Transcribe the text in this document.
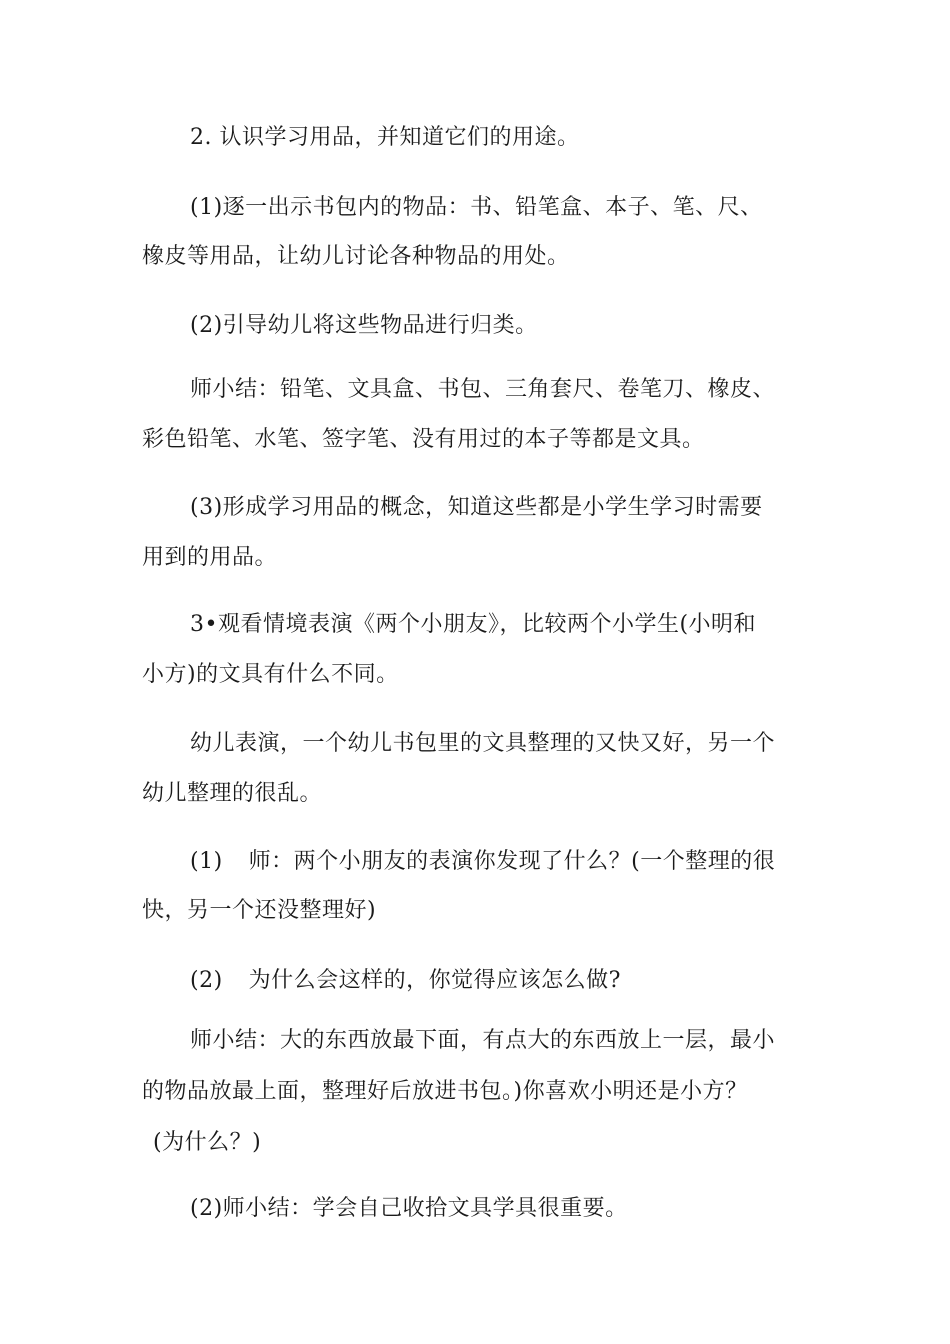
2. 认识学习用品，并知道它们的用途。
(1)逐一出示书包内的物品：书、铅笔盒、本子、笔、尺、
橡皮等用品，让幼儿讨论各种物品的用处。
(2)引导幼儿将这些物品进行归类。
师小结：铅笔、文具盒、书包、三角套尺、卷笔刀、橡皮、
彩色铅笔、水笔、签字笔、没有用过的本子等都是文具。
(3)形成学习用品的概念，知道这些都是小学生学习时需要
用到的用品。
3•观看情境表演《两个小朋友》，比较两个小学生(小明和
小方)的文具有什么不同。
幼儿表演，一个幼儿书包里的文具整理的又快又好，另一个
幼儿整理的很乱。
(1) 师：两个小朋友的表演你发现了什么？(一个整理的很
快，另一个还没整理好)
(2) 为什么会这样的，你觉得应该怎么做?
师小结：大的东西放最下面，有点大的东西放上一层，最小
的物品放最上面，整理好后放进书包。)你喜欢小明还是小方？
(为什么？)
(2)师小结：学会自己收拾文具学具很重要。
